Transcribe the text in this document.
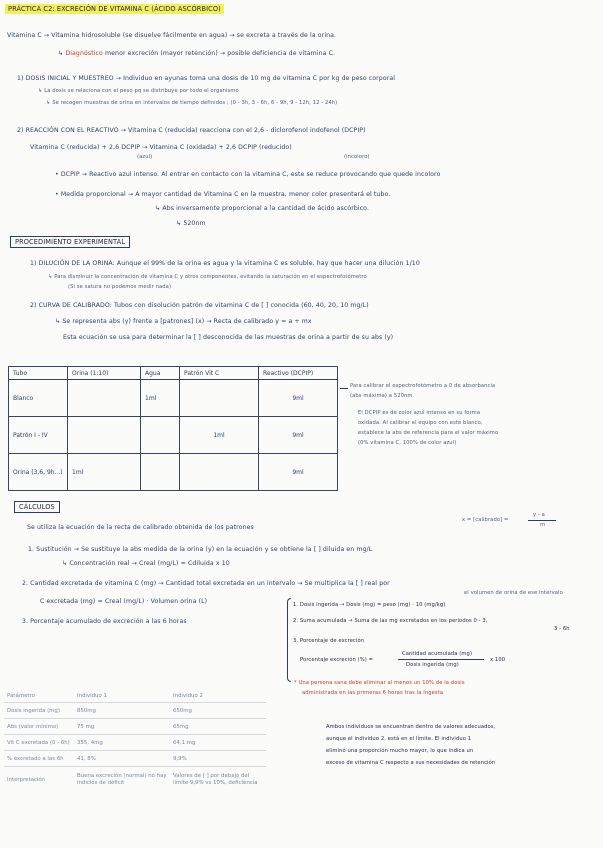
PRÁCTICA C2: EXCRECIÓN DE VITAMINA C (ÁCIDO ASCÓRBICO)
Vitamina C → Vitamina hidrosoluble (se disuelve fácilmente en agua) → se excreta a través de la orina.
↳ Diagnóstico menor excreción (mayor retención) → posible deficiencia de vitamina C.
1) DOSIS INICIAL Y MUESTREO → Individuo en ayunas toma una dosis de 10 mg de vitamina C por kg de peso corporal
↳ La dosis se relaciona con el peso pq se distribuye por todo el organismo
↳ Se recogen muestras de orina en intervalos de tiempo definidos ; (0 - 3h, 3 - 6h, 6 - 9h, 9 - 12h, 12 - 24h)
2) REACCIÓN CON EL REACTIVO → Vitamina C (reducida) reacciona con el 2,6 - diclorofenol indofenol (DCPIP)
Vitamina C (reducida) + 2,6 DCPIP → Vitamina C (oxidada) + 2,6 DCPIP (reducido)
(azul)	(incoloro)
• DCPIP → Reactivo azul intenso. Al entrar en contacto con la vitamina C, este se reduce provocando que quede incoloro
• Medida proporcional → A mayor cantidad de Vitamina C en la muestra, menor color presentará el tubo.
↳ Abs inversamente proporcional a la cantidad de ácido ascórbico.
↳ 520nm
PROCEDIMIENTO EXPERIMENTAL
1) DILUCIÓN DE LA ORINA: Aunque el 99% de la orina es agua y la vitamina C es soluble, hay que hacer una dilución 1/10
↳ Para disminuir la concentración de vitamina C y otros componentes, evitando la saturación en el espectrofotómetro
(Si se satura no podemos medir nada)
2) CURVA DE CALIBRADO: Tubos con disolución patrón de vitamina C de [ ] conocida (60, 40, 20, 10 mg/L)
↳ Se representa abs (y) frente a [patrones] (x) → Recta de calibrado y = a + mx
Esta ecuación se usa para determinar la [ ] desconocida de las muestras de orina a partir de su abs (y)
Tubo	Orina (1:10)	Agua	Patrón Vit C	Reactivo (DCPIP)
Blanco		1ml		9ml
Patrón I - IV			1ml	9ml
Orina (3,6, 9h...)	1ml			9ml
Para calibrar el espectrofotómetro a 0 de absorbancia
(abs máxima) a 520nm.
El DCPIP es de color azul intenso en su forma
oxidada. Al calibrar el equipo con este blanco,
establece la abs de referencia para el valor máximo
(0% vitamina C, 100% de color azul)
CÁLCULOS
Se utiliza la ecuación de la recta de calibrado obtenida de los patrones
x = [calibrado] =
y - a
m
1. Sustitución → Se sustituye la abs medida de la orina (y) en la ecuación y se obtiene la [ ] diluida en mg/L
↳ Concentración real → Creal (mg/L) = Cdiluida x 10
2. Cantidad excretada de vitamina C (mg) → Cantidad total excretada en un intervalo → Se multiplica la [ ] real por
el volumen de orina de ese intervalo
C excretada (mg) = Creal (mg/L) · Volumen orina (L)
3. Porcentaje acumulado de excreción a las 6 horas
1. Dosis ingerida → Dosis (mg) = peso (mg) · 10 (mg/kg)
2. Suma acumulada → Suma de las mg excretados en los periodos 0 - 3,
3 - 6h
3. Porcentaje de excreción
Porcentaje excreción (%) =
Cantidad acumulada (mg)
Dosis ingerida (mg)
x 100
* Una persona sana debe eliminar al menos un 10% de la dosis
administrada en las primeras 6 horas tras la ingesta
Parámetro	Individuo 1	Individuo 2
Dosis ingerida (mg)	850mg	650mg
Abs (valor mínimo)	75 mg	65mg
Vit C excretada (0 - 6h)	355, 4mg	64,1 mg
% excretado a las 6h	41, 8%	9,9%
Interpretación	Buena excreción (normal) no hay indicios de déficit	Valores de [ ] por debajo del límite 9,9% vs 10%, deficiencia
Ambos individuos se encuentran dentro de valores adecuados,
aunque el individuo 2, está en el límite. El individuo 1
eliminó una proporción mucho mayor, lo que indica un
exceso de vitamina C respecto a sus necesidades de retención
